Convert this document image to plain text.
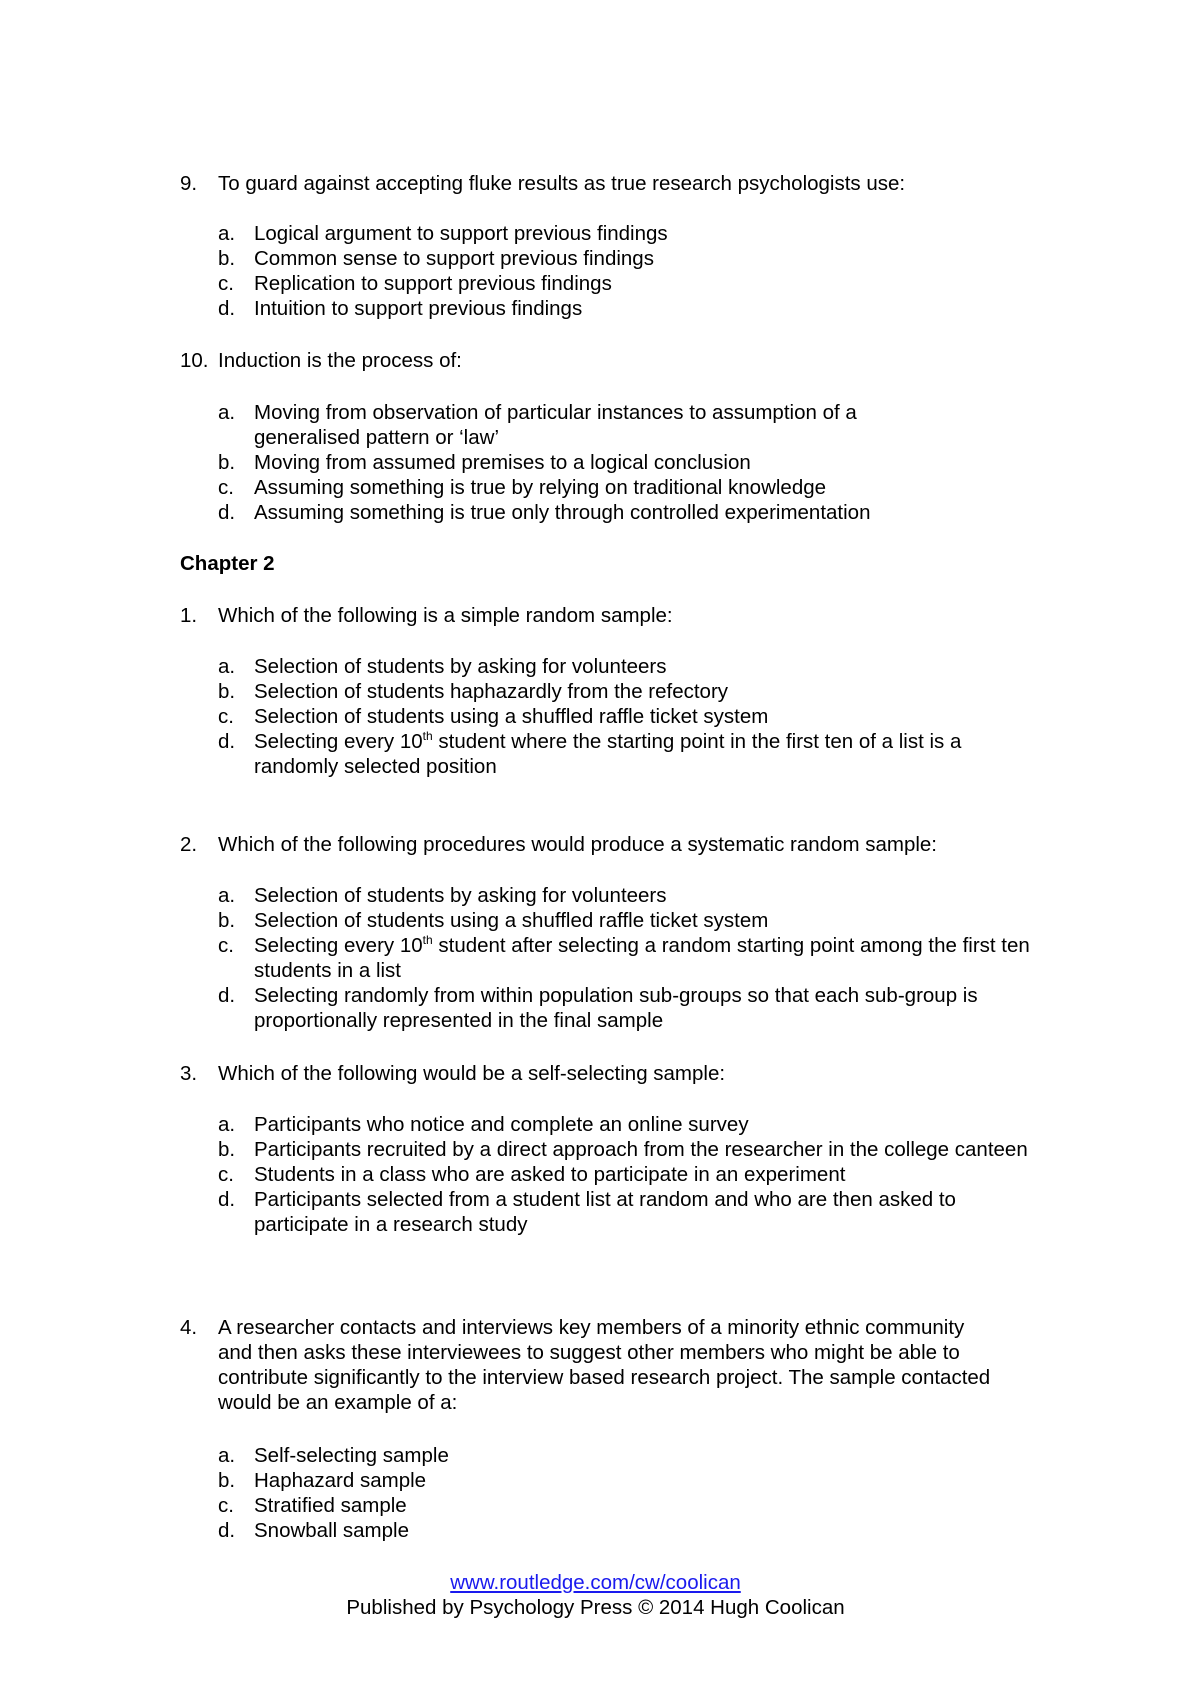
9. To guard against accepting fluke results as true research psychologists use:
a. Logical argument to support previous findings
b. Common sense to support previous findings
c. Replication to support previous findings
d. Intuition to support previous findings
10. Induction is the process of:
a. Moving from observation of particular instances to assumption of a generalised pattern or ‘law’
b. Moving from assumed premises to a logical conclusion
c. Assuming something is true by relying on traditional knowledge
d. Assuming something is true only through controlled experimentation
Chapter 2
1. Which of the following is a simple random sample:
a. Selection of students by asking for volunteers
b. Selection of students haphazardly from the refectory
c. Selection of students using a shuffled raffle ticket system
d. Selecting every 10th student where the starting point in the first ten of a list is a randomly selected position
2. Which of the following procedures would produce a systematic random sample:
a. Selection of students by asking for volunteers
b. Selection of students using a shuffled raffle ticket system
c. Selecting every 10th student after selecting a random starting point among the first ten students in a list
d. Selecting randomly from within population sub-groups so that each sub-group is proportionally represented in the final sample
3. Which of the following would be a self-selecting sample:
a. Participants who notice and complete an online survey
b. Participants recruited by a direct approach from the researcher in the college canteen
c. Students in a class who are asked to participate in an experiment
d. Participants selected from a student list at random and who are then asked to participate in a research study
4. A researcher contacts and interviews key members of a minority ethnic community and then asks these interviewees to suggest other members who might be able to contribute significantly to the interview based research project. The sample contacted would be an example of a:
a. Self-selecting sample
b. Haphazard sample
c. Stratified sample
d. Snowball sample
www.routledge.com/cw/coolican
Published by Psychology Press © 2014 Hugh Coolican
